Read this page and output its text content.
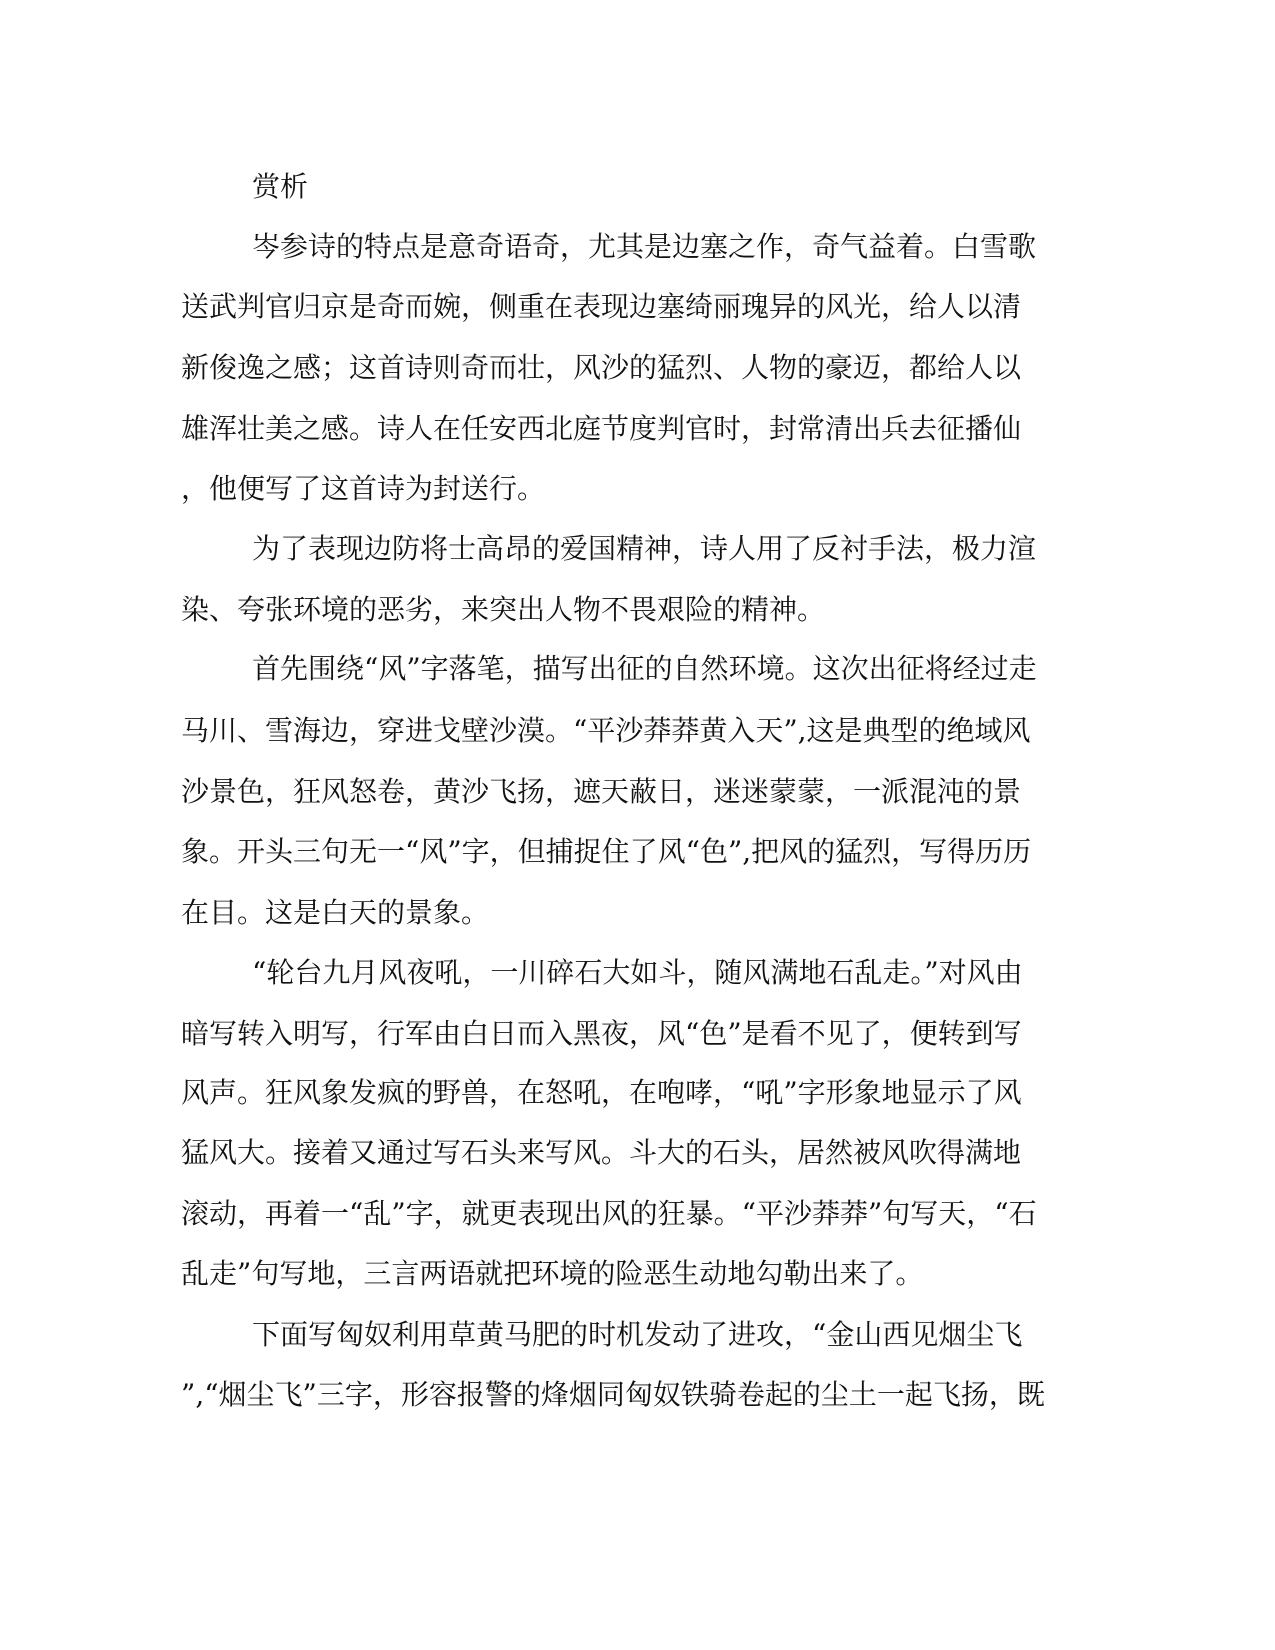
赏析
岑参诗的特点是意奇语奇，尤其是边塞之作，奇气益着。白雪歌
送武判官归京是奇而婉，侧重在表现边塞绮丽瑰异的风光，给人以清
新俊逸之感；这首诗则奇而壮，风沙的猛烈、人物的豪迈，都给人以
雄浑壮美之感。诗人在任安西北庭节度判官时，封常清出兵去征播仙
，他便写了这首诗为封送行。
为了表现边防将士高昂的爱国精神，诗人用了反衬手法，极力渲
染、夸张环境的恶劣，来突出人物不畏艰险的精神。
首先围绕“风”字落笔，描写出征的自然环境。这次出征将经过走
马川、雪海边，穿进戈壁沙漠。“平沙莽莽黄入天”,这是典型的绝域风
沙景色，狂风怒卷，黄沙飞扬，遮天蔽日，迷迷蒙蒙，一派混沌的景
象。开头三句无一“风”字，但捕捉住了风“色”,把风的猛烈，写得历历
在目。这是白天的景象。
“轮台九月风夜吼，一川碎石大如斗，随风满地石乱走。”对风由
暗写转入明写，行军由白日而入黑夜，风“色”是看不见了，便转到写
风声。狂风象发疯的野兽，在怒吼，在咆哮，“吼”字形象地显示了风
猛风大。接着又通过写石头来写风。斗大的石头，居然被风吹得满地
滚动，再着一“乱”字，就更表现出风的狂暴。“平沙莽莽”句写天，“石
乱走”句写地，三言两语就把环境的险恶生动地勾勒出来了。
下面写匈奴利用草黄马肥的时机发动了进攻，“金山西见烟尘飞
”,“烟尘飞”三字，形容报警的烽烟同匈奴铁骑卷起的尘土一起飞扬，既
